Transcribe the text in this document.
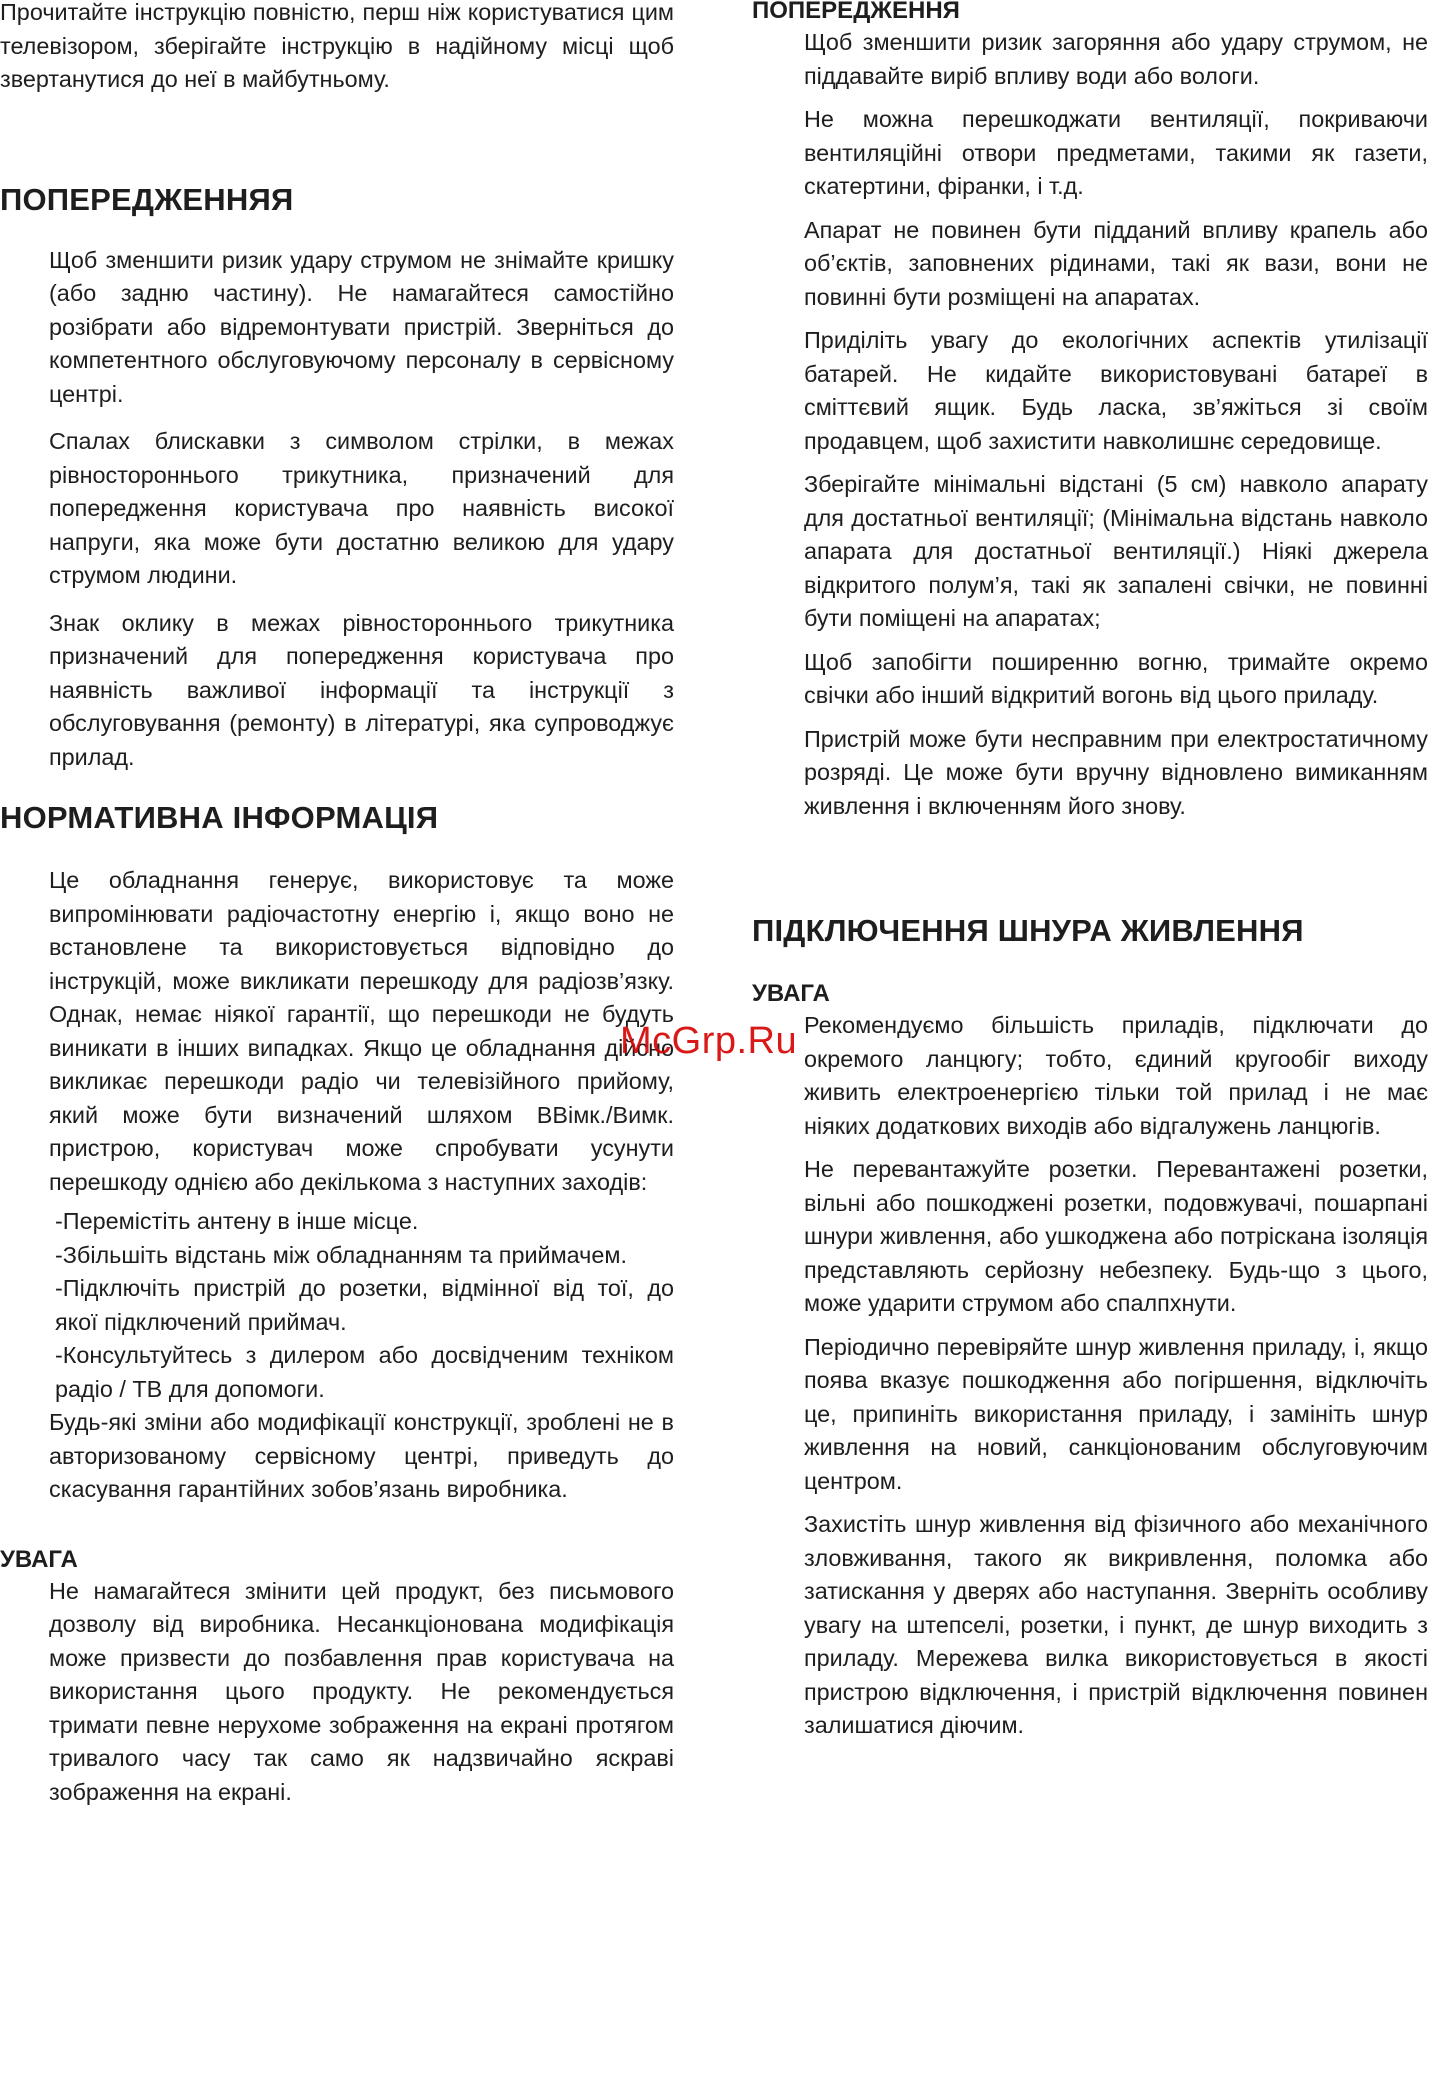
Прочитайте інструкцію повністю, перш ніж користуватися цим телевізором, зберігайте інструкцію в надійному місці щоб звертанутися до неї в майбутньому.

ПОПЕРЕДЖЕННЯЯ

Щоб зменшити ризик удару струмом не знімайте кришку (або задню частину). Не намагайтеся самостійно розібрати або відремонтувати пристрій. Зверніться до компетентного обслуговуючому персоналу в сервісному центрі.

Спалах блискавки з символом стрілки, в межах рівностороннього трикутника, призначений для попередження користувача про наявність високої напруги, яка може бути достатню великою для удару струмом людини.

Знак оклику в межах рівностороннього трикутника призначений для попередження користувача про наявність важливої інформації та інструкції з обслуговування (ремонту) в літературі, яка супроводжує прилад.

НОРМАТИВНА ІНФОРМАЦІЯ

Це обладнання генерує, використовує та може випромінювати радіочастотну енергію і, якщо воно не встановлене та використовується відповідно до інструкцій, може викликати перешкоду для радіозв’язку. Однак, немає ніякої гарантії, що перешкоди не будуть виникати в інших випадках. Якщо це обладнання дійсно викликає перешкоди радіо чи телевізійного прийому, який може бути визначений шляхом ВВімк./Вимк. пристрою, користувач може спробувати усунути перешкоду однією або декількома з наступних заходів:

-Перемістіть антену в інше місце.
-Збільшіть відстань між обладнанням та приймачем.
-Підключіть пристрій до розетки, відмінної від тої, до якої підключений приймач.
-Консультуйтесь з дилером або досвідченим техніком радіо / ТВ для допомоги.

Будь-які зміни або модифікації конструкції, зроблені не в авторизованому сервісному центрі, приведуть до скасування гарантійних зобов’язань виробника.

УВАГА

Не намагайтеся змінити цей продукт, без письмового дозволу від виробника. Несанкціонована модифікація може призвести до позбавлення прав користувача на використання цього продукту. Не рекомендується тримати певне нерухоме зображення на екрані протягом тривалого часу так само як надзвичайно яскраві зображення на екрані.

ПОПЕРЕДЖЕННЯ

Щоб зменшити ризик загоряння або удару струмом, не піддавайте виріб впливу води або вологи.

Не можна перешкоджати вентиляції, покриваючи вентиляційні отвори предметами, такими як газети, скатертини, фіранки, і т.д.

Апарат не повинен бути підданий впливу крапель або об’єктів, заповнених рідинами, такі як вази, вони не повинні бути розміщені на апаратах.

Приділіть увагу до екологічних аспектів утилізації батарей. Не кидайте використовувані батареї в сміттєвий ящик. Будь ласка, зв’яжіться зі своїм продавцем, щоб захистити навколишнє середовище.

Зберігайте мінімальні відстані (5 см) навколо апарату для достатньої вентиляції; (Мінімальна відстань навколо апарата для достатньої вентиляції.) Ніякі джерела відкритого полум’я, такі як запалені свічки, не повинні бути поміщені на апаратах;

Щоб запобігти поширенню вогню, тримайте окремо свічки або інший відкритий вогонь від цього приладу.

Пристрій може бути несправним при електростатичному розряді. Це може бути вручну відновлено вимиканням живлення і включенням його знову.

ПІДКЛЮЧЕННЯ ШНУРА ЖИВЛЕННЯ
УВАГА

Рекомендуємо більшість приладів, підключати до окремого ланцюгу; тобто, єдиний кругообіг виходу живить електроенергією тільки той прилад і не має ніяких додаткових виходів або відгалужень ланцюгів.

Не перевантажуйте розетки. Перевантажені розетки, вільні або пошкоджені розетки, подовжувачі, пошарпані шнури живлення, або ушкоджена або потріскана ізоляція представляють серйозну небезпеку. Будь-що з цього, може ударити струмом або спалпхнути.

Періодично перевіряйте шнур живлення приладу, і, якщо поява вказує пошкодження або погіршення, відключіть це, припиніть використання приладу, і замініть шнур живлення на новий, санкціонованим обслуговуючим центром.

Захистіть шнур живлення від фізичного або механічного зловживання, такого як викривлення, поломка або затискання у дверях або наступання. Зверніть особливу увагу на штепселі, розетки, і пункт, де шнур виходить з приладу. Мережева вилка використовується в якості пристрою відключення, і пристрій відключення повинен залишатися діючим.

McGrp.Ru
